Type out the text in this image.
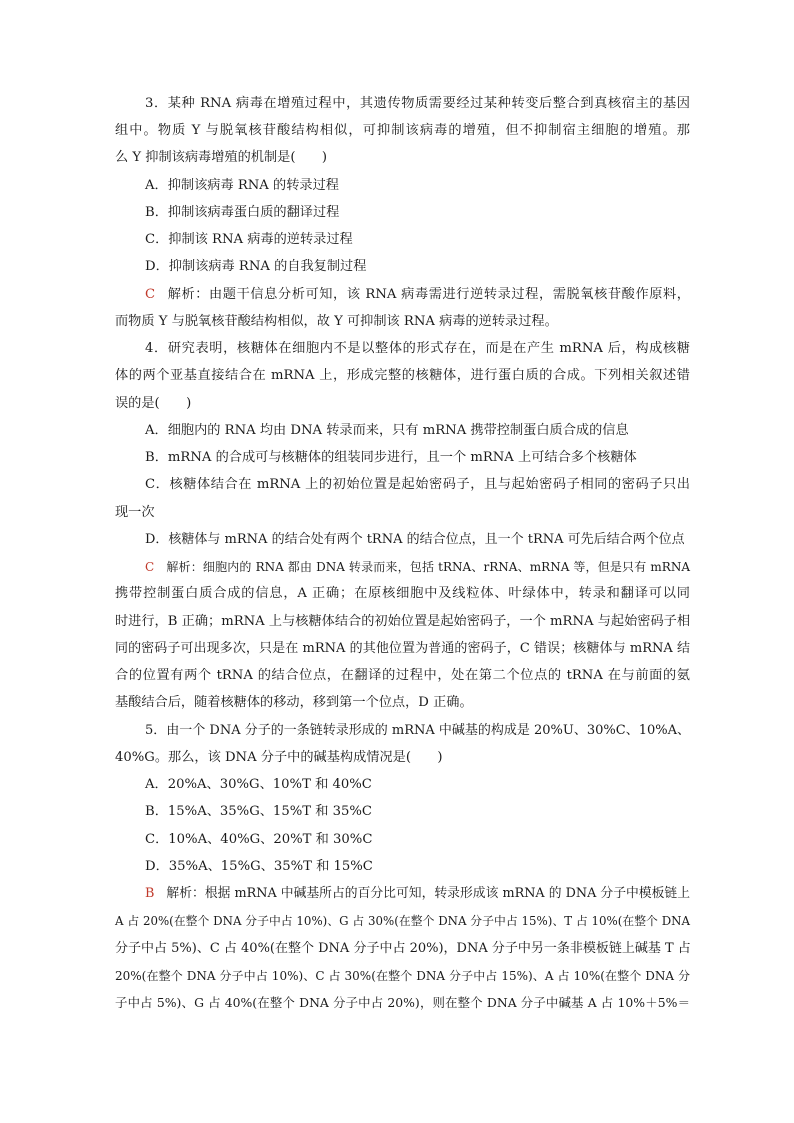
3．某种 RNA 病毒在增殖过程中，其遗传物质需要经过某种转变后整合到真核宿主的基因
组中。物质 Y 与脱氧核苷酸结构相似，可抑制该病毒的增殖，但不抑制宿主细胞的增殖。那
么 Y 抑制该病毒增殖的机制是(　　)
A．抑制该病毒 RNA 的转录过程
B．抑制该病毒蛋白质的翻译过程
C．抑制该 RNA 病毒的逆转录过程
D．抑制该病毒 RNA 的自我复制过程
C 解析：由题干信息分析可知，该 RNA 病毒需进行逆转录过程，需脱氧核苷酸作原料，
而物质 Y 与脱氧核苷酸结构相似，故 Y 可抑制该 RNA 病毒的逆转录过程。
4．研究表明，核糖体在细胞内不是以整体的形式存在，而是在产生 mRNA 后，构成核糖
体的两个亚基直接结合在 mRNA 上，形成完整的核糖体，进行蛋白质的合成。下列相关叙述错
误的是(　　)
A．细胞内的 RNA 均由 DNA 转录而来，只有 mRNA 携带控制蛋白质合成的信息
B．mRNA 的合成可与核糖体的组装同步进行，且一个 mRNA 上可结合多个核糖体
C．核糖体结合在 mRNA 上的初始位置是起始密码子，且与起始密码子相同的密码子只出
现一次
D．核糖体与 mRNA 的结合处有两个 tRNA 的结合位点，且一个 tRNA 可先后结合两个位点
C 解析：细胞内的 RNA 都由 DNA 转录而来，包括 tRNA、rRNA、mRNA 等，但是只有 mRNA
携带控制蛋白质合成的信息，A 正确；在原核细胞中及线粒体、叶绿体中，转录和翻译可以同
时进行，B 正确；mRNA 上与核糖体结合的初始位置是起始密码子，一个 mRNA 与起始密码子相
同的密码子可出现多次，只是在 mRNA 的其他位置为普通的密码子，C 错误；核糖体与 mRNA 结
合的位置有两个 tRNA 的结合位点，在翻译的过程中，处在第二个位点的 tRNA 在与前面的氨
基酸结合后，随着核糖体的移动，移到第一个位点，D 正确。
5．由一个 DNA 分子的一条链转录形成的 mRNA 中碱基的构成是 20%U、30%C、10%A、
40%G。那么，该 DNA 分子中的碱基构成情况是(　　)
A．20%A、30%G、10%T 和 40%C
B．15%A、35%G、15%T 和 35%C
C．10%A、40%G、20%T 和 30%C
D．35%A、15%G、35%T 和 15%C
B 解析：根据 mRNA 中碱基所占的百分比可知，转录形成该 mRNA 的 DNA 分子中模板链上
A 占 20%(在整个 DNA 分子中占 10%)、G 占 30%(在整个 DNA 分子中占 15%)、T 占 10%(在整个 DNA
分子中占 5%)、C 占 40%(在整个 DNA 分子中占 20%)，DNA 分子中另一条非模板链上碱基 T 占
20%(在整个 DNA 分子中占 10%)、C 占 30%(在整个 DNA 分子中占 15%)、A 占 10%(在整个 DNA 分
子中占 5%)、G 占 40%(在整个 DNA 分子中占 20%)，则在整个 DNA 分子中碱基 A 占 10%＋5%＝
